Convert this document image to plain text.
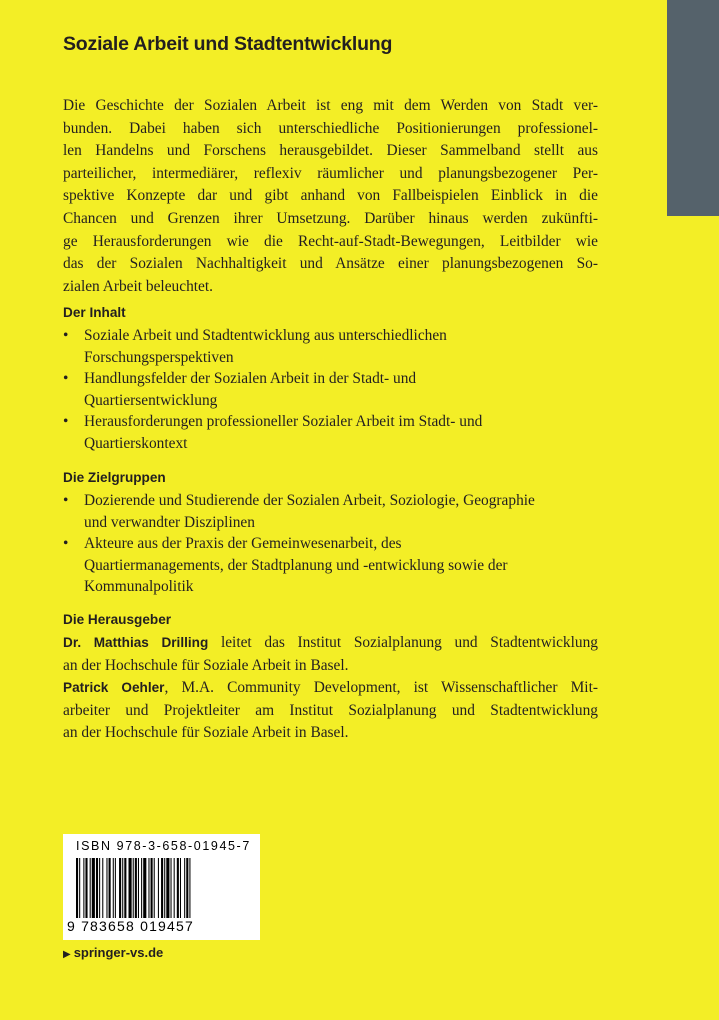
Soziale Arbeit und Stadtentwicklung
Die Geschichte der Sozialen Arbeit ist eng mit dem Werden von Stadt ver-
bunden. Dabei haben sich unterschiedliche Positionierungen professionel-
len Handelns und Forschens herausgebildet. Dieser Sammelband stellt aus
parteilicher, intermediärer, reflexiv räumlicher und planungsbezogener Per-
spektive Konzepte dar und gibt anhand von Fallbeispielen Einblick in die
Chancen und Grenzen ihrer Umsetzung. Darüber hinaus werden zukünfti-
ge Herausforderungen wie die Recht-auf-Stadt-Bewegungen, Leitbilder wie
das der Sozialen Nachhaltigkeit und Ansätze einer planungsbezogenen So-
zialen Arbeit beleuchtet.
Der Inhalt
• Soziale Arbeit und Stadtentwicklung aus unterschiedlichen
Forschungsperspektiven
• Handlungsfelder der Sozialen Arbeit in der Stadt- und
Quartiersentwicklung
• Herausforderungen professioneller Sozialer Arbeit im Stadt- und
Quartierskontext
Die Zielgruppen
• Dozierende und Studierende der Sozialen Arbeit, Soziologie, Geographie
und verwandter Disziplinen
• Akteure aus der Praxis der Gemeinwesenarbeit, des
Quartiermanagements, der Stadtplanung und -entwicklung sowie der
Kommunalpolitik
Die Herausgeber

Dr. Matthias Drilling leitet das Institut Sozialplanung und Stadtentwicklung
an der Hochschule für Soziale Arbeit in Basel.

Patrick Oehler, M.A. Community Development, ist Wissenschaftlicher Mit-
arbeiter und Projektleiter am Institut Sozialplanung und Stadtentwicklung
an der Hochschule für Soziale Arbeit in Basel.

ISBN 978-3-658-01945-7
9 783658 019457
▶ springer-vs.de
